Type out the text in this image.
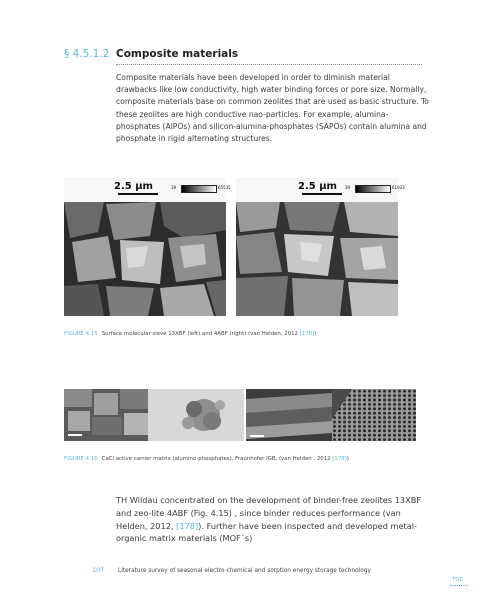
§ 4.5.1.2 Composite materials

Composite materials have been developed in order to diminish material drawbacks like low conductivity, high water binding forces or pore size. Normally, composite materials base on common zeolites that are used as basic structure. To these zeolites are high conductive nao-particles. For example, alumina-phosphates (AlPOs) and silicon-alumina-phosphates (SAPOs) contain alumina and phosphate in rigid alternating structures.

2.5 µm	39	65535	2.5 µm 39	61923
FIGURE 4.15 Surface molecular sieve 13XBF (left) and 4ABF (right) (van Helden, 2012 [178])
FIGURE 4.16 CaCl active carrier matrix (alumino-phosphates), Fraunhofer IGB, (van Helden , 2012 [178])

TH Wildau concentrated on the development of binder-free zeolites 13XBF and zeo-lite 4ABF (Fig. 4.15) , since binder reduces performance (van Helden, 2012, [178]). Further have been inspected and developed metal-organic matrix materials (MOF´s)

107	Literature survey of seasonal electro-chemical and sorption energy storage technology
TOC
